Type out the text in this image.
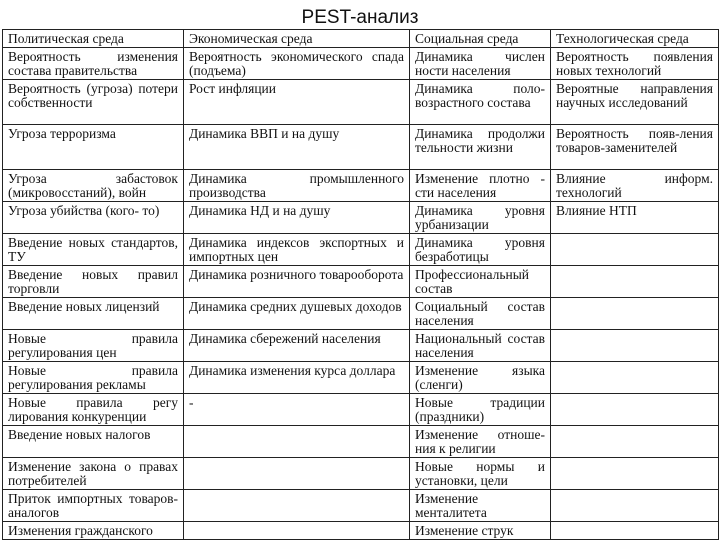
PEST-анализ
Политическая среда	Экономическая среда	Социальная среда	Технологическая среда
Вероятность изменения состава правительства	Вероятность экономического спада (подъема)	Динамика числен ности населения	Вероятность появления новых технологий
Вероятность (угроза) потери собственности	Рост инфляции	Динамика поло- возрастного состава	Вероятные направления научных исследований
Угроза терроризма	Динамика ВВП и на душу	Динамика продолжи тельности жизни	Вероятность появ-ления товаров-заменителей
Угроза забастовок (микровосстаний), войн	Динамика промышленного производства	Изменение плотно - сти населения	Влияние информ. технологий
Угроза убийства (кого- то)	Динамика НД и на душу	Динамика уровня урбанизации	Влияние НТП
Введение новых стандартов, ТУ	Динамика индексов экспортных и импортных цен	Динамика уровня безработицы	
Введение новых правил торговли	Динамика розничного товарооборота	Профессиональный состав	
Введение новых лицензий	Динамика средних душевых доходов	Социальный состав населения	
Новые правила регулирования цен	Динамика сбережений населения	Национальный состав населения	
Новые правила регулирования рекламы	Динамика изменения курса доллара	Изменение языка (сленги)	
Новые правила регу лирования конкуренции	-	Новые традиции (праздники)	
Введение новых налогов		Изменение отноше- ния к религии	
Изменение закона о правах потребителей		Новые нормы и установки, цели	
Приток импортных товаров-аналогов		Изменение менталитета	
Изменения гражданского		Изменение струк	
